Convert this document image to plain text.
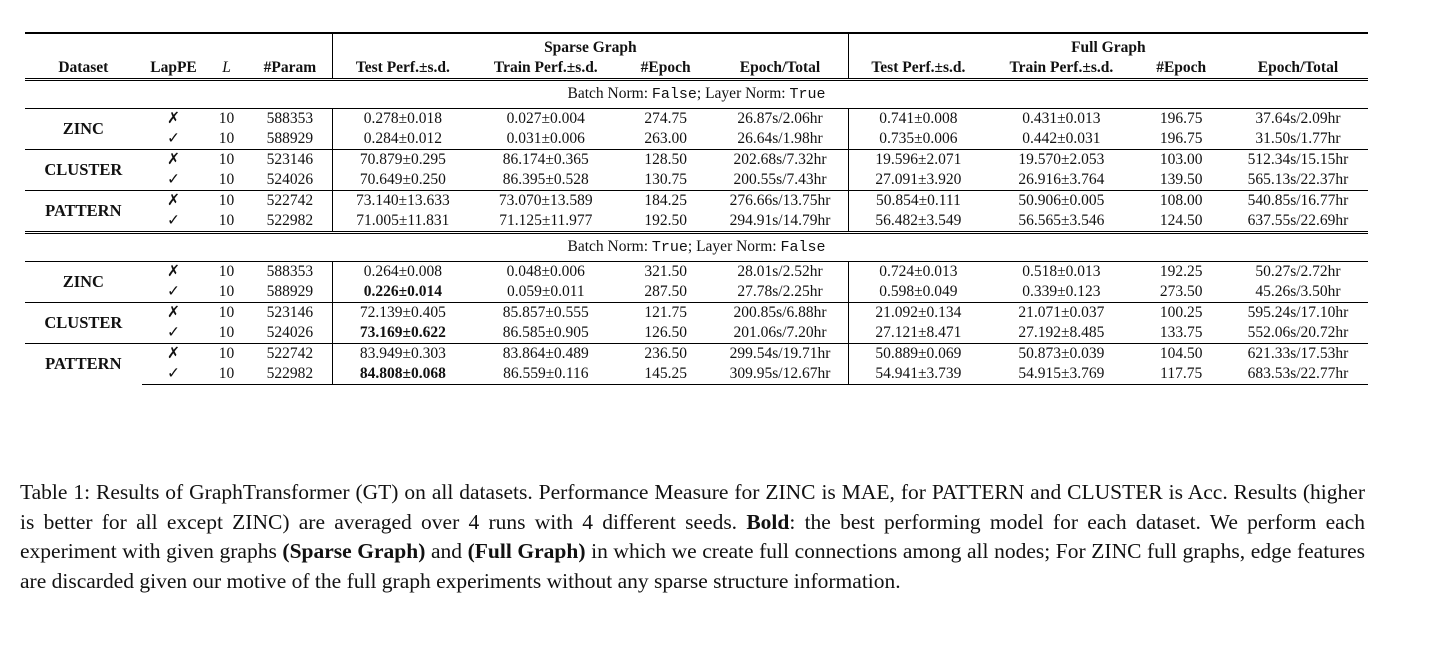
				Sparse Graph				Full Graph			
Dataset	LapPE	L	#Param	Test Perf.±s.d.	Train Perf.±s.d.	#Epoch	Epoch/Total	Test Perf.±s.d.	Train Perf.±s.d.	#Epoch	Epoch/Total
Batch Norm: False; Layer Norm: True											
ZINC	✗	10	588353	0.278±0.018	0.027±0.004	274.75	26.87s/2.06hr	0.741±0.008	0.431±0.013	196.75	37.64s/2.09hr
	✓	10	588929	0.284±0.012	0.031±0.006	263.00	26.64s/1.98hr	0.735±0.006	0.442±0.031	196.75	31.50s/1.77hr
CLUSTER	✗	10	523146	70.879±0.295	86.174±0.365	128.50	202.68s/7.32hr	19.596±2.071	19.570±2.053	103.00	512.34s/15.15hr
	✓	10	524026	70.649±0.250	86.395±0.528	130.75	200.55s/7.43hr	27.091±3.920	26.916±3.764	139.50	565.13s/22.37hr
PATTERN	✗	10	522742	73.140±13.633	73.070±13.589	184.25	276.66s/13.75hr	50.854±0.111	50.906±0.005	108.00	540.85s/16.77hr
	✓	10	522982	71.005±11.831	71.125±11.977	192.50	294.91s/14.79hr	56.482±3.549	56.565±3.546	124.50	637.55s/22.69hr
Batch Norm: True; Layer Norm: False											
ZINC	✗	10	588353	0.264±0.008	0.048±0.006	321.50	28.01s/2.52hr	0.724±0.013	0.518±0.013	192.25	50.27s/2.72hr
	✓	10	588929	0.226±0.014	0.059±0.011	287.50	27.78s/2.25hr	0.598±0.049	0.339±0.123	273.50	45.26s/3.50hr
CLUSTER	✗	10	523146	72.139±0.405	85.857±0.555	121.75	200.85s/6.88hr	21.092±0.134	21.071±0.037	100.25	595.24s/17.10hr
	✓	10	524026	73.169±0.622	86.585±0.905	126.50	201.06s/7.20hr	27.121±8.471	27.192±8.485	133.75	552.06s/20.72hr
PATTERN	✗	10	522742	83.949±0.303	83.864±0.489	236.50	299.54s/19.71hr	50.889±0.069	50.873±0.039	104.50	621.33s/17.53hr
	✓	10	522982	84.808±0.068	86.559±0.116	145.25	309.95s/12.67hr	54.941±3.739	54.915±3.769	117.75	683.53s/22.77hr
Table 1: Results of GraphTransformer (GT) on all datasets. Performance Measure for ZINC is MAE, for PATTERN and CLUSTER is Acc. Results (higher is better for all except ZINC) are averaged over 4 runs with 4 different seeds. Bold: the best performing model for each dataset. We perform each experiment with given graphs (Sparse Graph) and (Full Graph) in which we create full connections among all nodes; For ZINC full graphs, edge features are discarded given our motive of the full graph experiments without any sparse structure information.
